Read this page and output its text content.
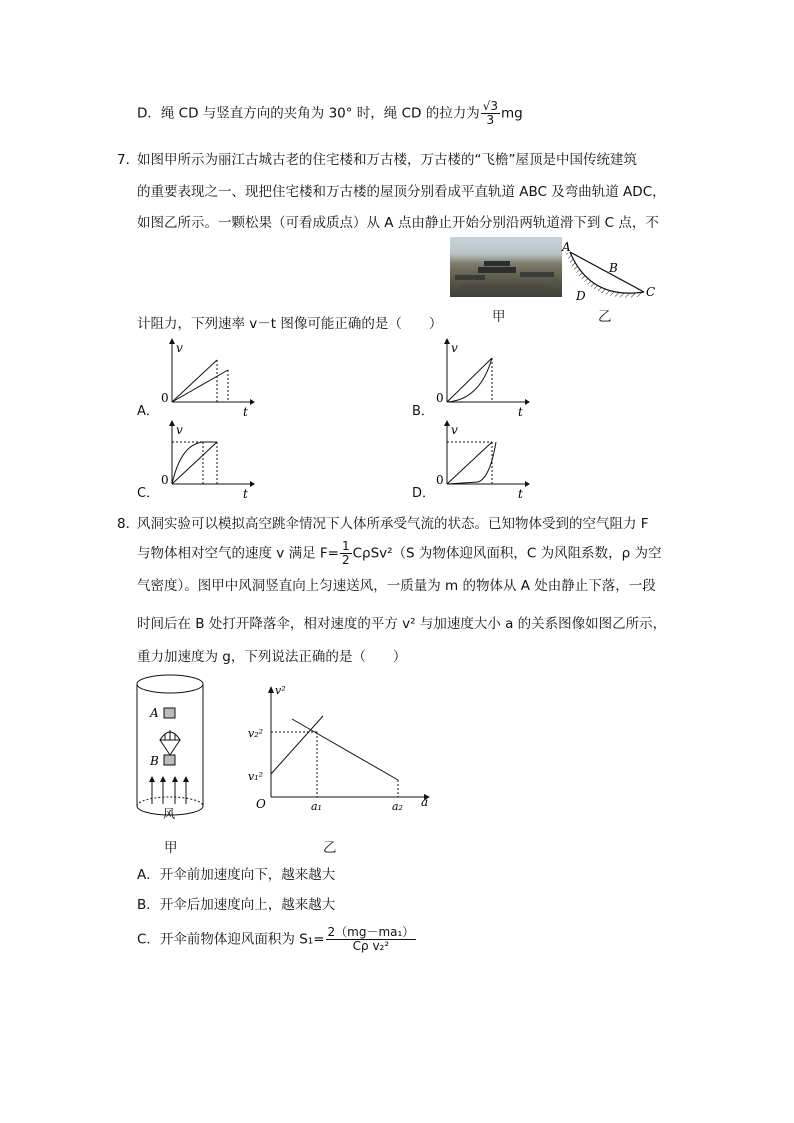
D．绳 CD 与竖直方向的夹角为 30° 时，绳 CD 的拉力为 $\frac{√3}{3}$ mg
7．
如图甲所示为丽江古城古老的住宅楼和万古楼，万古楼的“飞檐”屋顶是中国传统建筑
的重要表现之一、现把住宅楼和万古楼的屋顶分别看成平直轨道 ABC 及弯曲轨道 ADC，
如图乙所示。一颗松果（可看成质点）从 A 点由静止开始分别沿两轨道滑下到 C 点，不
计阻力，下列速率 v－t 图像可能正确的是（　　）	甲
A
B
C
D
乙
A．
v
0
t	B．
v
0
t
C．
v
0
t	D．
v
0
t
8．
风洞实验可以模拟高空跳伞情况下人体所承受气流的状态。已知物体受到的空气阻力 F
与物体相对空气的速度 v 满足 $F= \frac{1}{2} C\rho Sv^2(S$ 为物体迎风面积，C 为风阻系数，ρ 为空
气密度）。图甲中风洞竖直向上匀速送风，一质量为 m 的物体从 A 处由静止下落，一段
时间后在 B 处打开降落伞，相对速度的平方 v² 与加速度大小 a 的关系图像如图乙所示，
重力加速度为 g，下列说法正确的是（　　）
A
B
风
甲
v²
v₂²
v₁²
O	a₁	a₂ a
乙
A．开伞前加速度向下，越来越大
B．开伞后加速度向上，越来越大
C．开伞前物体迎风面积为 $S_1= \frac{\text{2（mg－ma₁）}}{\text{Cρ v₂²}}$
